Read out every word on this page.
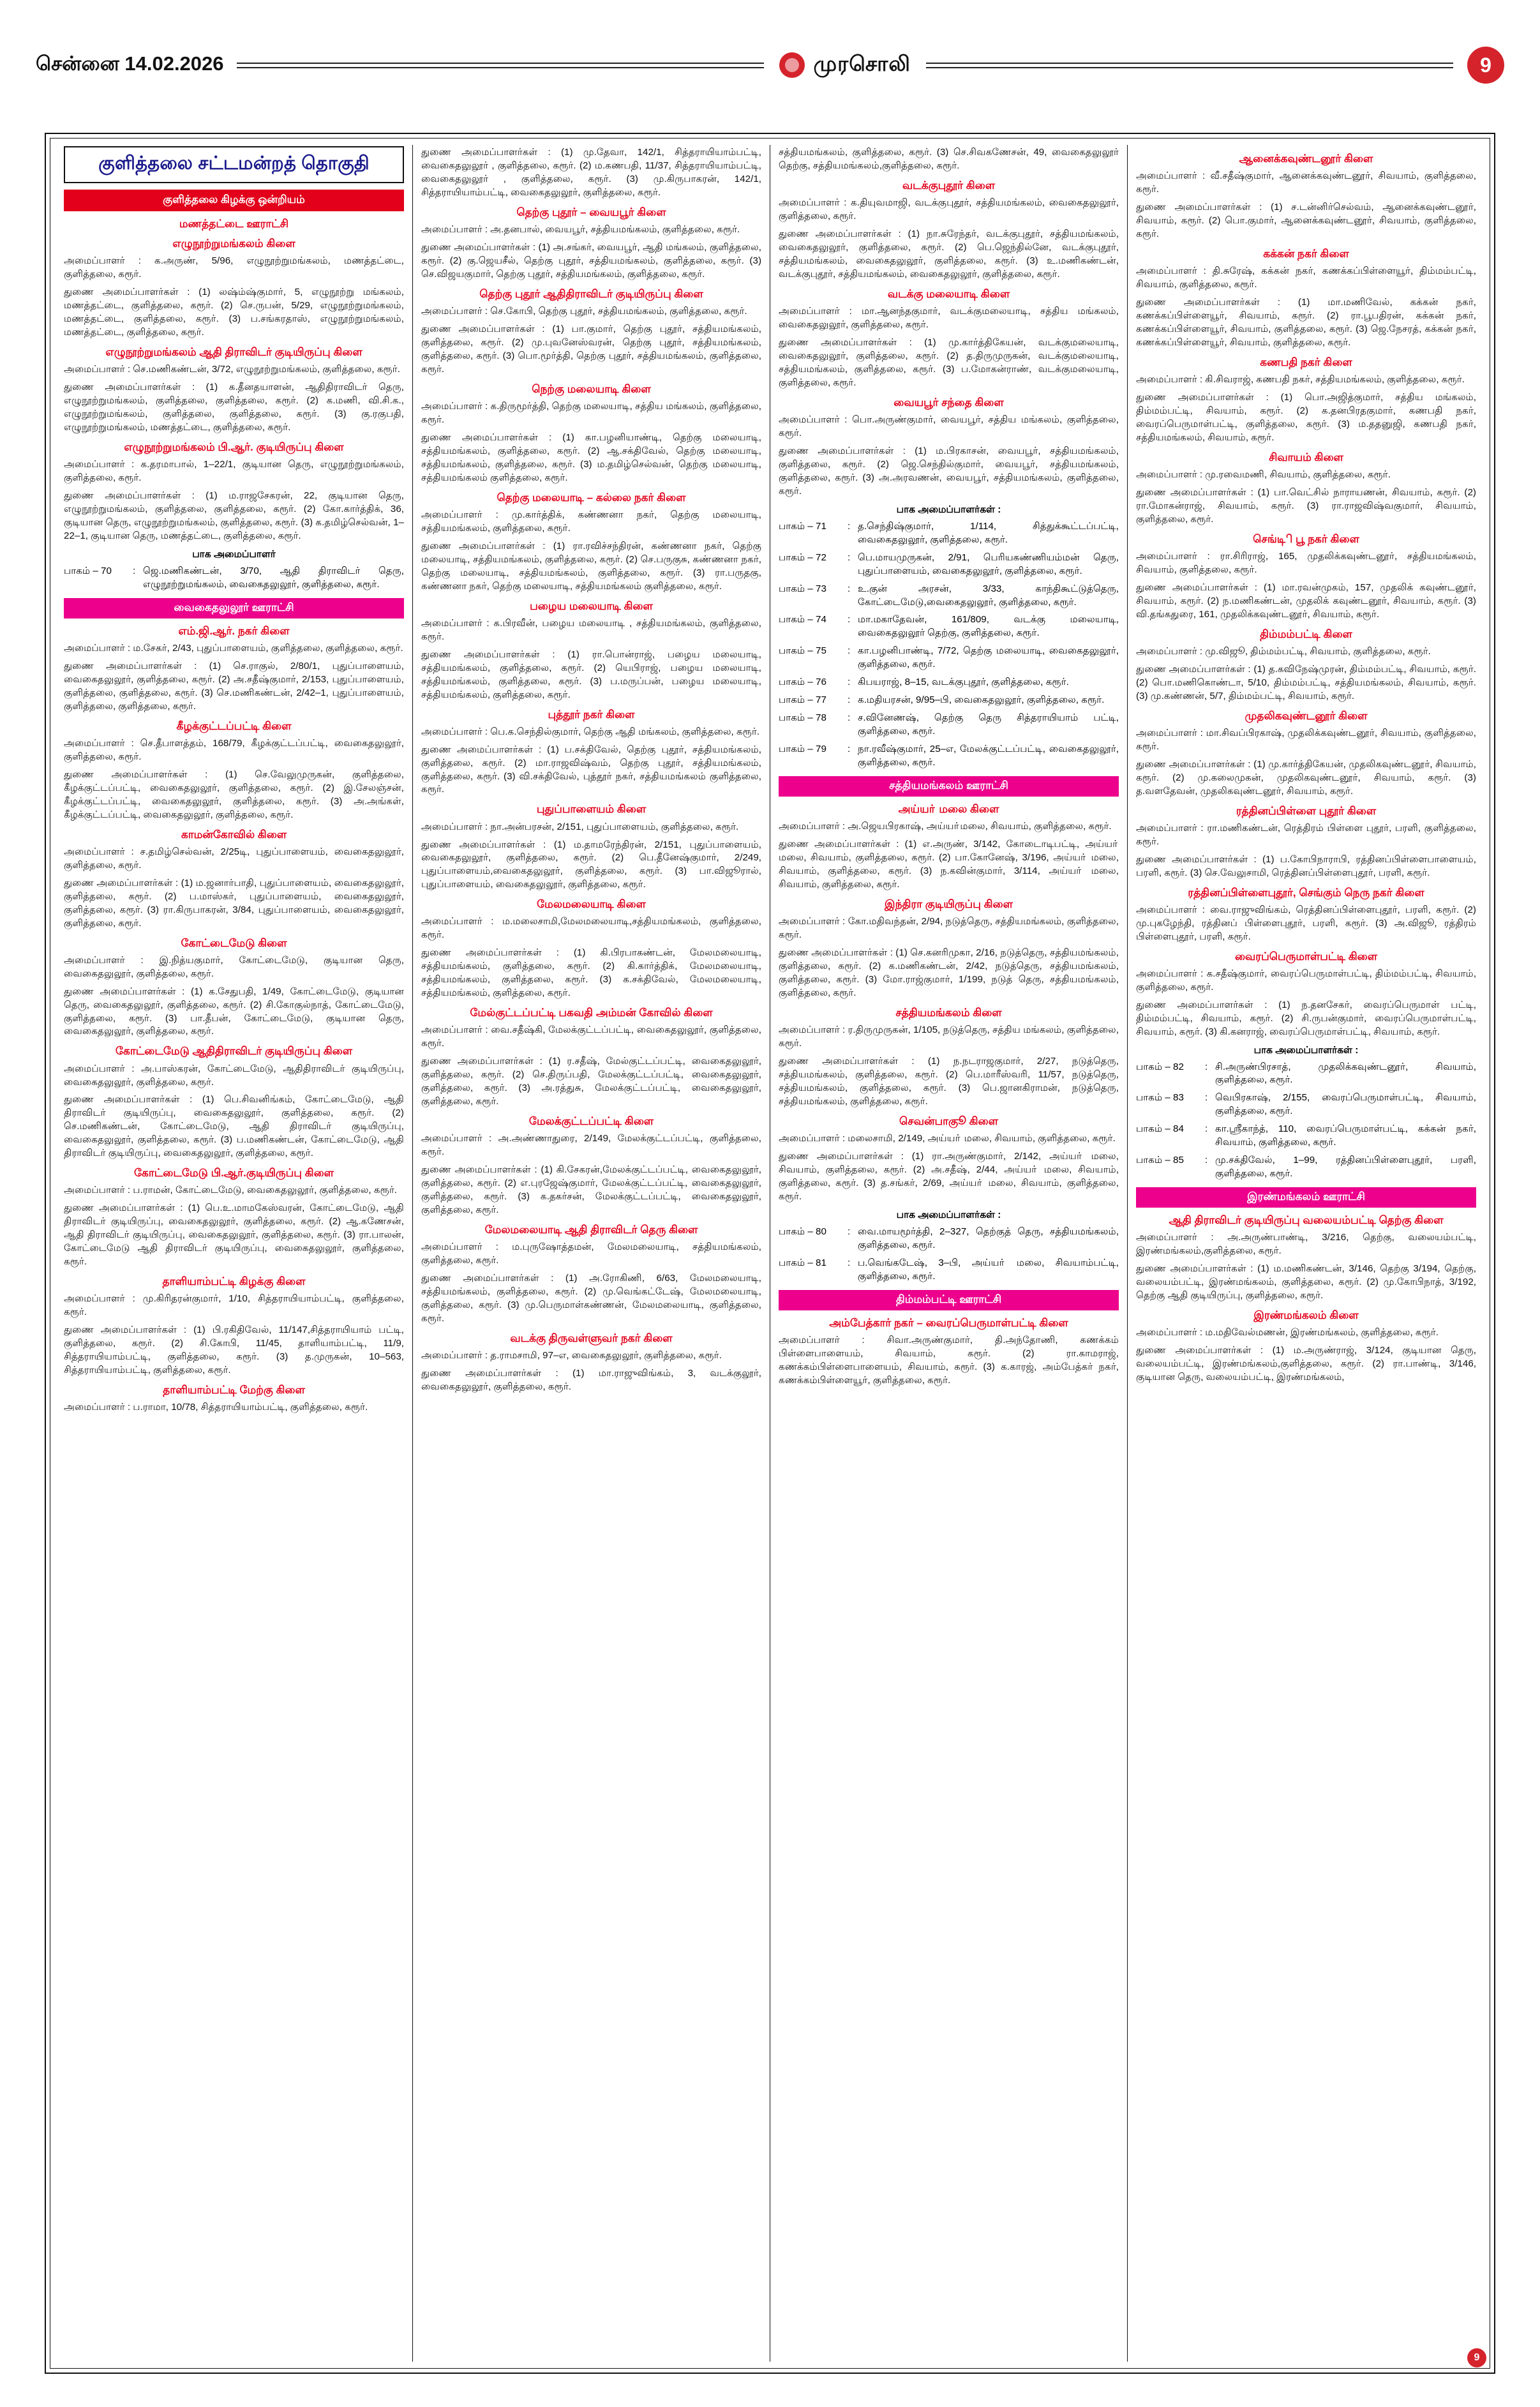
சென்னை 14.02.2026	முரசொலி	9
குளித்தலை சட்டமன்றத் தொகுதி
குளித்தலை கிழக்கு ஒன்றியம்
மணத்தட்டை ஊராட்சி
எழுநூற்றுமங்கலம் கிளை
அமைப்பாளர் : க.அருண், 5/96, எழுநூற்றுமங்கலம், மணத்தட்டை, குளித்தலை, கரூர்.
துணை அமைப்பாளர்கள் : (1) லஷ்ம்ஷ்குமார், 5, எழுநூற்று மங்கலம், மணத்தட்டை, குளித்தலை, கரூர். (2) செ.ருபன், 5/29, எழுநூற்றுமங்கலம், மணத்தட்டை, குளித்தலை, கரூர். (3) ப.சங்கரதாஸ், எழுநூற்றுமங்கலம், மணத்தட்டை, குளித்தலை, கரூர்.
எழுநூற்றுமங்கலம் ஆதி திராவிடர் குடியிருப்பு கிளை
அமைப்பாளர் : செ.மணிகண்டன், 3/72, எழுநூற்றுமங்கலம், குளித்தலை, கரூர்.
துணை அமைப்பாளர்கள் : (1) க.தீனதயாளன், ஆதிதிராவிடர் தெரு, எழுநூற்றுமங்கலம், குளித்தலை, குளித்தலை, கரூர். (2) க.மணி, வி.சி.க., எழுநூற்றுமங்கலம், குளித்தலை, குளித்தலை, கரூர். (3) கு.ரகுபதி, எழுநூற்றுமங்கலம், மணத்தட்டை, குளித்தலை, கரூர்.
எழுநூற்றுமங்கலம் பி.ஆர். குடியிருப்பு கிளை
அமைப்பாளர் : க.தரமாபால், 1–22/1, குடியான தெரு, எழுநூற்றுமங்கலம், குளித்தலை, கரூர்.
துணை அமைப்பாளர்கள் : (1) ம.ராஜசேகரன், 22, குடியான தெரு, எழுநூற்றுமங்கலம், குளித்தலை, குளித்தலை, கரூர். (2) கோ.கார்த்திக், 36, குடியான தெரு, எழுநூற்றுமங்கலம், குளித்தலை, கரூர். (3) க.தமிழ்செல்வன், 1–22–1, குடியான தெரு, மணத்தட்டை, குளித்தலை, கரூர்.
பாக அமைப்பாளர்
பாகம் – 70	: ஜெ.மணிகண்டன், 3/70, ஆதி திராவிடர் தெரு, எழுநூற்றுமங்கலம், வைகைதலுலூர், குளித்தலை, கரூர்.
வைகைதலுலூர் ஊராட்சி
எம்.ஜி.ஆர். நகர் கிளை
அமைப்பாளர் : ம.சேகர், 2/43, புதுப்பாளையம், குளித்தலை, குளித்தலை, கரூர்.
துணை அமைப்பாளர்கள் : (1) செ.ராகுல், 2/80/1, புதுப்பாளையம், வைகைதலுலூர், குளித்தலை, கரூர். (2) அ.சதீஷ்குமார், 2/153, புதுப்பாளையம், குளித்தலை, குளித்தலை, கரூர். (3) செ.மணிகண்டன், 2/42–1, புதுப்பாளையம், குளித்தலை, குளித்தலை, கரூர்.
கீழக்குட்டப்பட்டி கிளை
அமைப்பாளர் : செ.தீபாளத்தம், 168/79, கீழக்குட்டப்பட்டி, வைகைதலுலூர், குளித்தலை, கரூர்.
துணை அமைப்பாளர்கள் : (1) செ.வேலுமுருகன், குளித்தலை, கீழக்குட்டப்பட்டி, வைகைதலுலூர், குளித்தலை, கரூர். (2) இ.சேலஞ்சன், கீழக்குட்டப்பட்டி, வைகைதலுலூர், குளித்தலை, கரூர். (3) அ.அங்கள், கீழக்குட்டப்பட்டி, வைகைதலுலூர், குளித்தலை, கரூர்.
காமன்கோவில் கிளை
அமைப்பாளர் : ச.தமிழ்செல்வன், 2/25டி, புதுப்பாளையம், வைகைதலுலூர், குளித்தலை, கரூர்.
துணை அமைப்பாளர்கள் : (1) ம.ஜனார்பாதி, புதுப்பாளையம், வைகைதலுலூர், குளித்தலை, கரூர். (2) ப.மாஸ்கர், புதுப்பாளையம், வைகைதலுலூர், குளித்தலை, கரூர். (3) ரா.கிருபாகரன், 3/84, புதுப்பாளையம், வைகைதலுலூர், குளித்தலை, கரூர்.
கோட்டைமேடு கிளை
அமைப்பாளர் : இ.நித்யகுமார், கோட்டைமேடு, குடியான தெரு, வைகைதலுலூர், குளித்தலை, கரூர்.
துணை அமைப்பாளர்கள் : (1) க.சேதுபதி, 1/49, கோட்டைமேடு, குடியான தெரு, வைகைதலுலூர், குளித்தலை, கரூர். (2) சி.கோகுல்நாத், கோட்டைமேடு, குளித்தலை, கரூர். (3) பா.தீபன், கோட்டைமேடு, குடியான தெரு, வைகைதலுலூர், குளித்தலை, கரூர்.
கோட்டைமேடு ஆதிதிராவிடர் குடியிருப்பு கிளை
அமைப்பாளர் : அ.பாஸ்கரன், கோட்டைமேடு, ஆதிதிராவிடர் குடியிருப்பு, வைகைதலுலூர், குளித்தலை, கரூர்.
துணை அமைப்பாளர்கள் : (1) பெ.சிவனிங்கம், கோட்டைமேடு, ஆதி திராவிடர் குடியிருப்பு, வைகைதலுலூர், குளித்தலை, கரூர். (2) செ.மணிகண்டன், கோட்டைமேடு, ஆதி திராவிடர் குடியிருப்பு, வைகைதலுலூர், குளித்தலை, கரூர். (3) ப.மணிகண்டன், கோட்டைமேடு, ஆதி திராவிடர் குடியிருப்பு, வைகைதலுலூர், குளித்தலை, கரூர்.
கோட்டைமேடு பி.ஆர்.குடியிருப்பு கிளை
அமைப்பாளர் : ப.ராமன், கோட்டைமேடு, வைகைதலுலூர், குளித்தலை, கரூர்.
துணை அமைப்பாளர்கள் : (1) பெ.உ.மாமகேஸ்வரன், கோட்டைமேடு, ஆதி திராவிடர் குடியிருப்பு, வைகைதலுலூர், குளித்தலை, கரூர். (2) ஆ.கணேசன், ஆதி திராவிடர் குடியிருப்பு, வைகைதலுலூர், குளித்தலை, கரூர். (3) ரா.பாலன், கோட்டைமேடு ஆதி திராவிடர் குடியிருப்பு, வைகைதலுலூர், குளித்தலை, கரூர்.
தாளியாம்பட்டி கிழக்கு கிளை
அமைப்பாளர் : மு.கிரிதரன்குமார், 1/10, சித்தராயியாம்பட்டி, குளித்தலை, கரூர்.
துணை அமைப்பாளர்கள் : (1) பி.ரகிதிவேல், 11/147,சித்தராயியாம் பட்டி, குளித்தலை, கரூர். (2) சி.கோபி, 11/45, தாளியாம்பட்டி, 11/9, சித்தராயியாம்பட்டி, குளித்தலை, கரூர். (3) த.முருகன், 10–563, சித்தராயியாம்பட்டி, குளித்தலை, கரூர்.
தாளியாம்பட்டி மேற்கு கிளை
அமைப்பாளர் : ப.ராமா, 10/78, சித்தராயியாம்பட்டி, குளித்தலை, கரூர்.
துணை அமைப்பாளர்கள் : (1) மு.தேவா, 142/1, சித்தராயியாம்பட்டி, வைகைதலுலூர் , குளித்தலை, கரூர். (2) ம.கணபதி, 11/37, சித்தராயியாம்பட்டி, வைகைதலுலூர் , குளித்தலை, கரூர். (3) மு.கிருபாகரன், 142/1, சித்தராயியாம்பட்டி, வைகைதலுலூர், குளித்தலை, கரூர்.
தெற்கு புதூர் – வையபூர் கிளை
அமைப்பாளர் : அ.தனபால், வையபூர், சத்தியமங்கலம், குளித்தலை, கரூர்.
துணை அமைப்பாளர்கள் : (1) அ.சங்கர், வையபூர், ஆதி மங்கலம், குளித்தலை, கரூர். (2) கு.ஜெயசீல், தெற்கு புதூர், சத்தியமங்கலம், குளித்தலை, கரூர். (3) செ.விஜயகுமார், தெற்கு புதூர், சத்தியமங்கலம், குளித்தலை, கரூர்.
தெற்கு புதூர் ஆதிதிராவிடர் குடியிருப்பு கிளை
அமைப்பாளர் : செ.கோபி, தெற்கு புதூர், சத்தியமங்கலம், குளித்தலை, கரூர்.
துணை அமைப்பாளர்கள் : (1) பா.குமார், தெற்கு புதூர், சத்தியமங்கலம், குளித்தலை, கரூர். (2) மு.புவனேஸ்வரன், தெற்கு புதூர், சத்தியமங்கலம், குளித்தலை, கரூர். (3) பொ.மூர்த்தி, தெற்கு புதூர், சத்தியமங்கலம், குளித்தலை, கரூர்.
நெற்கு மலையாடி கிளை
அமைப்பாளர் : க.திருமூர்த்தி, தெற்கு மலையாடி, சத்திய மங்கலம், குளித்தலை, கரூர்.
துணை அமைப்பாளர்கள் : (1) கா.பழனியாண்டி, தெற்கு மலையாடி, சத்தியமங்கலம், குளித்தலை, கரூர். (2) ஆ.சக்திவேல், தெற்கு மலையாடி, சத்தியமங்கலம், குளித்தலை, கரூர். (3) ம.தமிழ்செல்வன், தெற்கு மலையாடி, சத்தியமங்கலம் குளித்தலை, கரூர்.
தெற்கு மலையாடி – கல்லை நகர் கிளை
அமைப்பாளர் : மு.கார்த்திக், கண்ணனா நகர், தெற்கு மலையாடி, சத்தியமங்கலம், குளித்தலை, கரூர்.
துணை அமைப்பாளர்கள் : (1) ரா.ரவிச்சந்திரன், கண்ணனா நகர், தெற்கு மலையாடி, சத்தியமங்கலம், குளித்தலை, கரூர். (2) செ.பருகுசு, கண்ணனா நகர், தெற்கு மலையாடி, சத்தியமங்கலம், குளித்தலை, கரூர். (3) ரா.பருதகு, கண்ணனா நகர், தெற்கு மலையாடி, சத்தியமங்கலம் குளித்தலை, கரூர்.
பழைய மலையாடி கிளை
அமைப்பாளர் : க.பிரவீன், பழைய மலையாடி , சத்தியமங்கலம், குளித்தலை, கரூர்.
துணை அமைப்பாளர்கள் : (1) ரா.பொன்ராஜ், பழைய மலையாடி, சத்தியமங்கலம், குளித்தலை, கரூர். (2) யெபிராஜ், பழைய மலையாடி, சத்தியமங்கலம், குளித்தலை, கரூர். (3) ப.மருப்பன், பழைய மலையாடி, சத்தியமங்கலம், குளித்தலை, கரூர்.
புத்தூர் நகர் கிளை
அமைப்பாளர் : பெ.க.செந்தில்குமார், தெற்கு ஆதி மங்கலம், குளித்தலை, கரூர்.
துணை அமைப்பாளர்கள் : (1) ப.சக்திவேல், தெற்கு புதூர், சத்தியமங்கலம், குளித்தலை, கரூர். (2) மா.ராஜவிஷ்வம், தெற்கு புதூர், சத்தியமங்கலம், குளித்தலை, கரூர். (3) வி.சக்திவேல், புத்தூர் நகர், சத்தியமங்கலம் குளித்தலை, கரூர்.
புதுப்பாளையம் கிளை
அமைப்பாளர் : நா.அன்பரசன், 2/151, புதுப்பாளையம், குளித்தலை, கரூர்.
துணை அமைப்பாளர்கள் : (1) ம.தாமரேந்திரன், 2/151, புதுப்பாளையம், வைகைதலுலூர், குளித்தலை, கரூர். (2) பெ.தீனேஷ்குமார், 2/249, புதுப்பாளையம்,வைகைதலுலூர், குளித்தலை, கரூர். (3) பா.விஜூரால், புதுப்பாளையம், வைகைதலுலூர், குளித்தலை, கரூர்.
மேலமலையாடி கிளை
அமைப்பாளர் : ம.மலைசாமி,மேலமலையாடி,சத்தியமங்கலம், குளித்தலை, கரூர்.
துணை அமைப்பாளர்கள் : (1) கி.பிரபாகண்டன், மேலமலையாடி, சத்தியமங்கலம், குளித்தலை, கரூர். (2) கி.கார்த்திக், மேலமலையாடி, சத்தியமங்கலம், குளித்தலை, கரூர். (3) க.சக்திவேல், மேலமலையாடி, சத்தியமங்கலம், குளித்தலை, கரூர்.
மேல்குட்டப்பட்டி பகவதி அம்மன் கோவில் கிளை
அமைப்பாளர் : வை.சதீஷ்கி, மேலக்குட்டப்பட்டி, வைகைதலுலூர், குளித்தலை, கரூர்.
துணை அமைப்பாளர்கள் : (1) ர.சதீஷ், மேல்குட்டப்பட்டி, வைகைதலுலூர், குளித்தலை, கரூர். (2) செ.திருப்பதி, மேலக்குட்டப்பட்டி, வைகைதலுலூர், குளித்தலை, கரூர். (3) அ.ரத்துசு, மேலக்குட்டப்பட்டி, வைகைதலுலூர், குளித்தலை, கரூர்.
மேலக்குட்டப்பட்டி கிளை
அமைப்பாளர் : அ.அண்ணாதுரை, 2/149, மேலக்குட்டப்பட்டி, குளித்தலை, கரூர்.
துணை அமைப்பாளர்கள் : (1) கி.சேகரன்,மேலக்குட்டப்பட்டி, வைகைதலுலூர், குளித்தலை, கரூர். (2) எ.புரஜேஷ்குமார், மேலக்குட்டப்பட்டி, வைகைதலுலூர், குளித்தலை, கரூர். (3) க.தகர்சன், மேலக்குட்டப்பட்டி, வைகைதலுலூர், குளித்தலை, கரூர்.
மேலமலையாடி ஆதி திராவிடர் தெரு கிளை
அமைப்பாளர் : ம.புருஷோத்தமன், மேலமலையாடி, சத்தியமங்கலம், குளித்தலை, கரூர்.
துணை அமைப்பாளர்கள் : (1) அ.ரோகிணி, 6/63, மேலமலையாடி, சத்தியமங்கலம், குளித்தலை, கரூர். (2) மு.வெங்கட்டேஷ், மேலமலையாடி, குளித்தலை, கரூர். (3) மு.பெருமாள்கண்ணன், மேலமலையாடி, குளித்தலை, கரூர்.
வடக்கு திருவள்ளுவர் நகர் கிளை
அமைப்பாளர் : த.ராமசாமி, 97–எ, வைகைதலுலூர், குளித்தலை, கரூர்.
துணை அமைப்பாளர்கள் : (1) மா.ராஜுவிங்கம், 3, வடக்குலூர், வைகைதலுலூர், குளித்தலை, கரூர்.
சத்தியமங்கலம், குளித்தலை, கரூர். (3) செ.சிவகணேசன், 49, வைகைதலுலூர் தெற்கு, சத்தியமங்கலம்,குளித்தலை, கரூர்.
வடக்குபுதூர் கிளை
அமைப்பாளர் : க.தியுவமாஜி, வடக்குபுதூர், சத்தியமங்கலம், வைகைதலுலூர், குளித்தலை, கரூர்.
துணை அமைப்பாளர்கள் : (1) நா.சுரேந்தர், வடக்குபுதூர், சத்தியமங்கலம், வைகைதலுலூர், குளித்தலை, கரூர். (2) பெ.ஜெந்தில்னே, வடக்குபுதூர், சத்தியமங்கலம், வைகைதலுலூர், குளித்தலை, கரூர். (3) உ.மணிகண்டன், வடக்குபுதூர், சத்தியமங்கலம், வைகைதலுலூர், குளித்தலை, கரூர்.
வடக்கு மலையாடி கிளை
அமைப்பாளர் : மா.ஆனந்தகுமார், வடக்குமலையாடி, சத்திய மங்கலம், வைகைதலுலூர், குளித்தலை, கரூர்.
துணை அமைப்பாளர்கள் : (1) மு.கார்த்திகேயன், வடக்குமலையாடி, வைகைதலுலூர், குளித்தலை, கரூர். (2) த.திருமுருகன், வடக்குமலையாடி, சத்தியமங்கலம், குளித்தலை, கரூர். (3) ப.மோகன்ராண், வடக்குமலையாடி, குளித்தலை, கரூர்.
வையபூர் சந்தை கிளை
அமைப்பாளர் : பொ.அருண்குமார், வையபூர், சத்திய மங்கலம், குளித்தலை, கரூர்.
துணை அமைப்பாளர்கள் : (1) ம.பிரகாசன், வையபூர், சத்தியமங்கலம், குளித்தலை, கரூர். (2) ஜெ.செந்தில்குமார், வையபூர், சத்தியமங்கலம், குளித்தலை, கரூர். (3) அ.அரவணன், வையபூர், சத்தியமங்கலம், குளித்தலை, கரூர்.
பாக அமைப்பாளர்கள் :
பாகம் – 71	: த.செந்திஷ்குமார், 1/114, சித்துக்கூட்டப்பட்டி, வைகைதலுலூர், குளித்தலை, கரூர்.
பாகம் – 72	: பெ.மாயமுருகன், 2/91, பெரியகண்ணியம்மன் தெரு, புதுப்பாளையம், வைகைதலுலூர், குளித்தலை, கரூர்.
பாகம் – 73	: உ.குன் அரசன், 3/33, காந்திகூட்டுத்தெரு, கோட்டைமேடு,வைகைதலுலூர், குளித்தலை, கரூர்.
பாகம் – 74	: மா.மகாதேவன், 161/809, வடக்கு மலையாடி, வைகைதலுலூர் தெற்கு, குளித்தலை, கரூர்.
பாகம் – 75	: கா.பழனிபாண்டி, 7/72, தெற்கு மலையாடி, வைகைதலுலூர், குளித்தலை, கரூர்.
பாகம் – 76	: கிபயராஜ், 8–15, வடக்குபுதூர், குளித்தலை, கரூர்.
பாகம் – 77	: க.மதியரசன், 9/95–பி, வைகைதலுலூர், குளித்தலை, கரூர்.
பாகம் – 78	: ச.வினேணஷ், தெற்கு தெரு சித்தராயியாம் பட்டி, குளித்தலை, கரூர்.
பாகம் – 79	: நா.ரவீஷ்குமார், 25–எ, மேலக்குட்டப்பட்டி, வைகைதலுலூர், குளித்தலை, கரூர்.
சத்தியமங்கலம் ஊராட்சி
அய்யா் மலை கிளை
அமைப்பாளர் : அ.ஜெயபிரகாஷ், அய்யா்மலை, சிவயாம், குளித்தலை, கரூர்.
துணை அமைப்பாளர்கள் : (1) எ.அருண், 3/142, கோடைாடிபட்டி, அய்யா் மலை, சிவயாம், குளித்தலை, கரூர். (2) பா.கோனேஷ், 3/196, அய்யா் மலை, சிவயாம், குளித்தலை, கரூர். (3) ந.கவின்குமார், 3/114, அய்யா் மலை, சிவயாம், குளித்தலை, கரூர்.
இந்திரா குடியிருப்பு கிளை
அமைப்பாளர் : கோ.மதிவந்தன், 2/94, நடுத்தெரு, சத்தியமங்கலம், குளித்தலை, கரூர்.
துணை அமைப்பாளர்கள் : (1) செ.கனரிமுகா, 2/16, நடுத்தெரு, சத்தியமங்கலம், குளித்தலை, கரூர். (2) க.மணிகண்டன், 2/42, நடுத்தெரு, சத்தியமங்கலம், குளித்தலை, கரூர். (3) மோ.ராஜ்குமார், 1/199, நடுத் தெரு, சத்தியமங்கலம், குளித்தலை, கரூர்.
சத்தியமங்கலம் கிளை
அமைப்பாளர் : ர.திருமுருகன், 1/105, நடுத்தெரு, சத்திய மங்கலம், குளித்தலை, கரூர்.
துணை அமைப்பாளர்கள் : (1) ந.நடராஜகுமார், 2/27, நடுத்தெரு, சத்தியமங்கலம், குளித்தலை, கரூர். (2) பெ.மாரீஸ்வரி, 11/57, நடுத்தெரு, சத்தியமங்கலம், குளித்தலை, கரூர். (3) பெ.ஜானகிராமன், நடுத்தெரு, சத்தியமங்கலம், குளித்தலை, கரூர்.
செவன்பாகுூ கிளை
அமைப்பாளர் : மலைசாமி, 2/149, அய்யா் மலை, சிவயாம், குளித்தலை, கரூர்.
துணை அமைப்பாளர்கள் : (1) ரா.அருண்குமார், 2/142, அய்யா் மலை, சிவயாம், குளித்தலை, கரூர். (2) அ.சதீஷ், 2/44, அய்யா் மலை, சிவயாம், குளித்தலை, கரூர். (3) த.சங்கர், 2/69, அய்யா் மலை, சிவயாம், குளித்தலை, கரூர்.
பாக அமைப்பாளர்கள் :
பாகம் – 80	: வை.மாயமூர்த்தி, 2–327, தெற்குத் தெரு, சத்தியமங்கலம், குளித்தலை, கரூர்.
பாகம் – 81	: ப.வெங்கடேஷ், 3–பி, அய்யா் மலை, சிவயாம்பட்டி, குளித்தலை, கரூர்.
திம்மம்பட்டி ஊராட்சி
அம்பேத்கார் நகர் – வைரப்பெருமாள்பட்டி கிளை
அமைப்பாளர் : சிவா.அருண்குமார், தி.அந்தோணி, கணக்கம் பிள்ளைபாளையம், சிவயாம், கரூர். (2) ரா.காமராஜ், கணக்கம்பிள்ளைபாளையம், சிவயாம், கரூர். (3) க.காரஜ், அம்பேத்கர் நகர், கணக்கம்பிள்ளையூர், குளித்தலை, கரூர்.
ஆனைக்கவுண்டனூர் கிளை
அமைப்பாளர் : வீ.சதீஷ்குமார், ஆனைக்கவுண்டனூர், சிவயாம், குளித்தலை, கரூர்.
துணை அமைப்பாளர்கள் : (1) ச.டன்னிர்செல்வம், ஆனைக்கவுண்டனூர், சிவயாம், கரூர். (2) பொ.குமார், ஆனைக்கவுண்டனூர், சிவயாம், குளித்தலை, கரூர்.
கக்கன் நகர் கிளை
அமைப்பாளர் : தி.சுரேஷ், கக்கன் நகர், கணக்கப்பிள்ளையூர், திம்மம்பட்டி, சிவயாம், குளித்தலை, கரூர்.
துணை அமைப்பாளர்கள் : (1) மா.மணிவேல், கக்கன் நகர், கணக்கப்பிள்ளையூர், சிவயாம், கரூர். (2) ரா.பூபதிரன், கக்கன் நகர், கணக்கப்பிள்ளையூர், சிவயாம், குளித்தலை, கரூர். (3) ஜெ.நேசரத், கக்கன் நகர், கணக்கப்பிள்ளையூர், சிவயாம், குளித்தலை, கரூர்.
கணபதி நகர் கிளை
அமைப்பாளர் : கி.சிவராஜ், கணபதி நகர், சத்தியமங்கலம், குளித்தலை, கரூர்.
துணை அமைப்பாளர்கள் : (1) பொ.அஜித்குமார், சத்திய மங்கலம், திம்மம்பட்டி, சிவயாம், கரூர். (2) க.தனபிரதகுமார், கணபதி நகர், வைரப்பெருமாள்பட்டி, குளித்தலை, கரூர். (3) ம.ததனுஜி, கணபதி நகர், சத்தியமங்கலம், சிவயாம், கரூர்.
சிவாயம் கிளை
அமைப்பாளர் : மு.ரவைமணி, சிவயாம், குளித்தலை, கரூர்.
துணை அமைப்பாளர்கள் : (1) பா.வெட்சில் நாராயணன், சிவயாம், கரூர். (2) ரா.மோகன்ராஜ், சிவயாம், கரூர். (3) ரா.ராஜவிஷ்வகுமார், சிவயாம், குளித்தலை, கரூர்.
செங்டிி பூ நகர் கிளை
அமைப்பாளர் : ரா.சிரிராஜ், 165, முதலிக்கவுண்டனூர், சத்தியமங்கலம், சிவயாம், குளித்தலை, கரூர்.
துணை அமைப்பாளர்கள் : (1) மா.ரவன்முகம், 157, முதலிக் கவுண்டனூர், சிவயாம், கரூர். (2) ந.மணிகண்டன், முதலிக் கவுண்டனூர், சிவயாம், கரூர். (3) வி.தங்கதுரை, 161, முதலிக்கவுண்டனூர், சிவயாம், கரூர்.
திம்மம்பட்டி கிளை
அமைப்பாளர் : மு.விஜூ, திம்மம்பட்டி, சிவயாம், குளித்தலை, கரூர்.
துணை அமைப்பாளர்கள் : (1) த.கவிநேஷ்முரன், திம்மம்பட்டி, சிவயாம், கரூர். (2) பொ.மணிகொண்டா, 5/10, திம்மம்பட்டி, சத்தியமங்கலம், சிவயாம், கரூர். (3) மு.கண்ணன், 5/7, திம்மம்பட்டி, சிவயாம், கரூர்.
முதலிகவுண்டனூர் கிளை
அமைப்பாளர் : மா.சிவப்பிரகாஷ், முதலிக்கவுண்டனூர், சிவயாம், குளித்தலை, கரூர்.
துணை அமைப்பாளர்கள் : (1) மு.கார்த்திகேயன், முதலிகவுண்டனூர், சிவயாம், கரூர். (2) மு.கலைமுகன், முதலிகவுண்டனூர், சிவயாம், கரூர். (3) த.வளதேவன், முதலிகவுண்டனூர், சிவயாம், கரூர்.
ரத்தினப்பிள்ளை புதூர் கிளை
அமைப்பாளர் : ரா.மணிகண்டன், ரெத்திரம் பிள்ளை புதூர், பரளி, குளித்தலை, கரூர்.
துணை அமைப்பாளர்கள் : (1) ப.கோபிநாராபி, ரத்தினப்பிள்ளைபாளையம், பரளி, கரூர். (3) செ.வேலுசாமி, ரெத்தினப்பிள்ளைபுதூர், பரளி, கரூர்.
ரத்தினப்பிள்ளைபுதூர், செங்கும் நெரு நகர் கிளை
அமைப்பாளர் : வை.ராஜுவிங்கம், ரெத்தினப்பிள்ளைபுதூர், பரளி, கரூர். (2) மு.புகழேந்தி, ரத்தினப் பிள்ளைபுதூர், பரளி, கரூர். (3) அ.விஜூ, ரத்திரம் பிள்ளைபுதூர், பரளி, கரூர்.
வைரப்பெருமாள்பட்டி கிளை
அமைப்பாளர் : க.சதீஷ்குமார், வைரப்பெருமாள்பட்டி, திம்மம்பட்டி, சிவயாம், குளித்தலை, கரூர்.
துணை அமைப்பாளர்கள் : (1) ந.தனசேகர், வைரப்பெருமாள் பட்டி, திம்மம்பட்டி, சிவயாம், கரூர். (2) சி.ருபன்குமார், வைரப்பெருமாள்பட்டி, சிவயாம், கரூர். (3) கி.கனராஜ், வைரப்பெருமாள்பட்டி, சிவயாம், கரூர்.
பாக அமைப்பாளர்கள் :
பாகம் – 82	: சி.அருண்பிரசாத், முதலிக்கவுண்டனூர், சிவயாம், குளித்தலை, கரூர்.
பாகம் – 83	: வெபிரகாஷ், 2/155, வைரப்பெருமாள்பட்டி, சிவயாம், குளித்தலை, கரூர்.
பாகம் – 84	: கா.ஸ்ரீகாந்த், 110, வைரப்பெருமாள்பட்டி, கக்கன் நகர், சிவயாம், குளித்தலை, கரூர்.
பாகம் – 85	: மு.சக்திவேல், 1–99, ரத்தினப்பிள்ளைபுதூர், பரளி, குளித்தலை, கரூர்.
இரண்மங்கலம் ஊராட்சி
ஆதி திராவிடர் குடியிருப்பு வலையம்பட்டி தெற்கு கிளை
அமைப்பாளர் : அ.அருண்பாண்டி, 3/216, தெற்கு, வலையம்பட்டி, இரண்மங்கலம்,குளித்தலை, கரூர்.
துணை அமைப்பாளர்கள் : (1) ம.மணிகண்டன், 3/146, தெற்கு 3/194, தெற்கு, வலையம்பட்டி, இரண்மங்கலம், குளித்தலை, கரூர். (2) மு.கோபிநாத், 3/192, தெற்கு ஆதி குடியிருப்பு, குளித்தலை, கரூர்.
இரண்மங்கலம் கிளை
அமைப்பாளர் : ம.மதிவேல்மணன், இரண்மங்கலம், குளித்தலை, கரூர்.
துணை அமைப்பாளர்கள் : (1) ம.அருண்ராஜ், 3/124, குடியான தெரு, வலையம்பட்டி, இரண்மங்கலம்,குளித்தலை, கரூர். (2) ரா.பாண்டி, 3/146, குடியான தெரு, வலையம்பட்டி, இரண்மங்கலம்,
9
